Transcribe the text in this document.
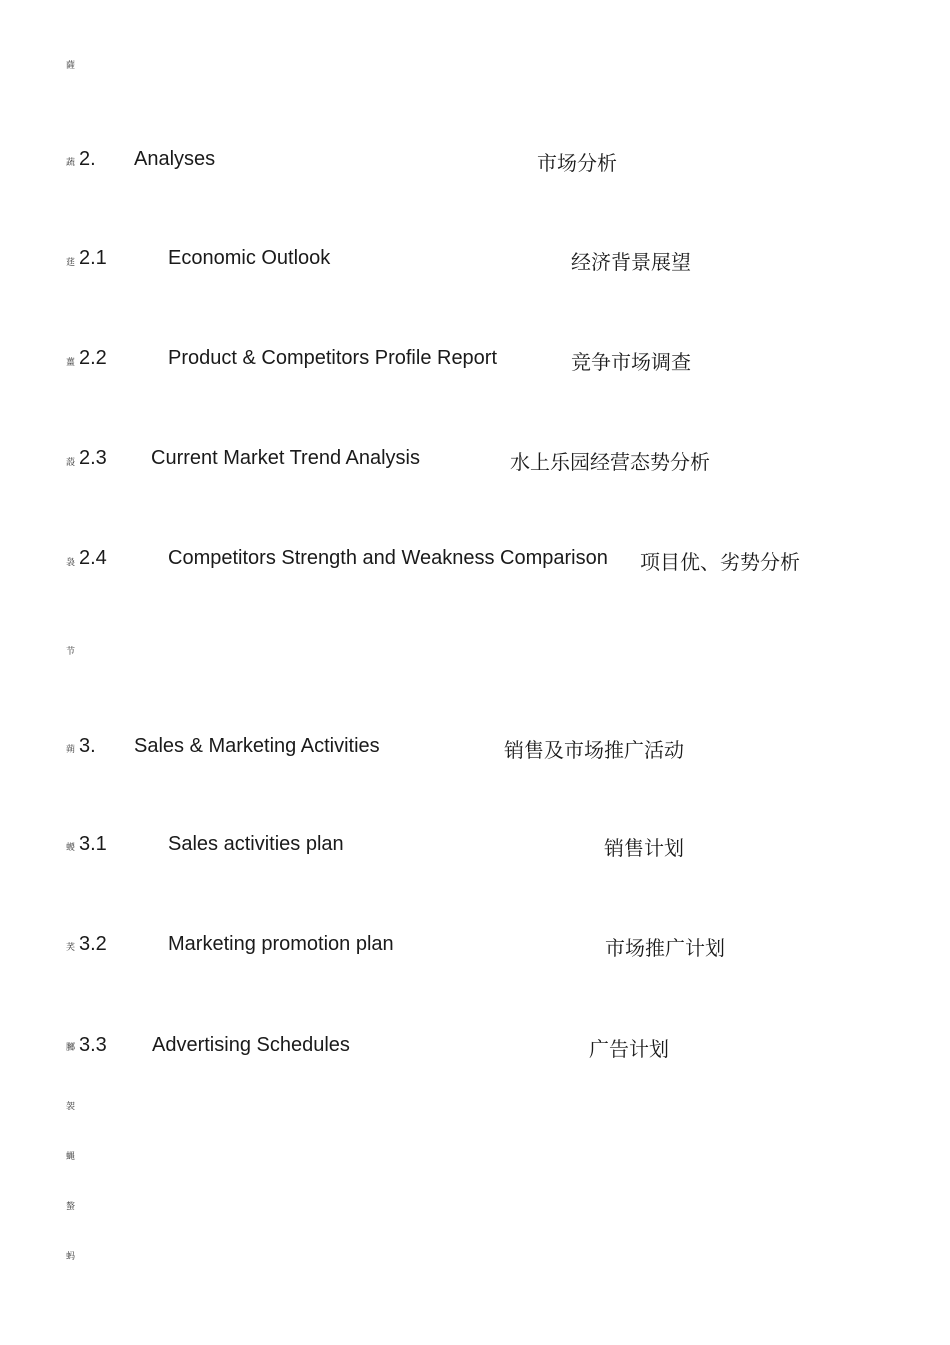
薩
蔬
莛
薑
蔎
袅
节
蒴
蝬
芺
膷
袈
蝿
螯
蚂
2. Analyses	市场分析
2.1	Economic Outlook	经济背景展望
2.2	Product & Competitors Profile Report	竞争市场调查
2.3 Current Market Trend Analysis	水上乐园经营态势分析
2.4	Competitors Strength and Weakness Comparison 项目优、劣势分析
3. Sales & Marketing Activities	销售及市场推广活动
3.1	Sales activities plan	销售计划
3.2	Marketing promotion plan	市场推广计划
3.3 Advertising Schedules	广告计划
